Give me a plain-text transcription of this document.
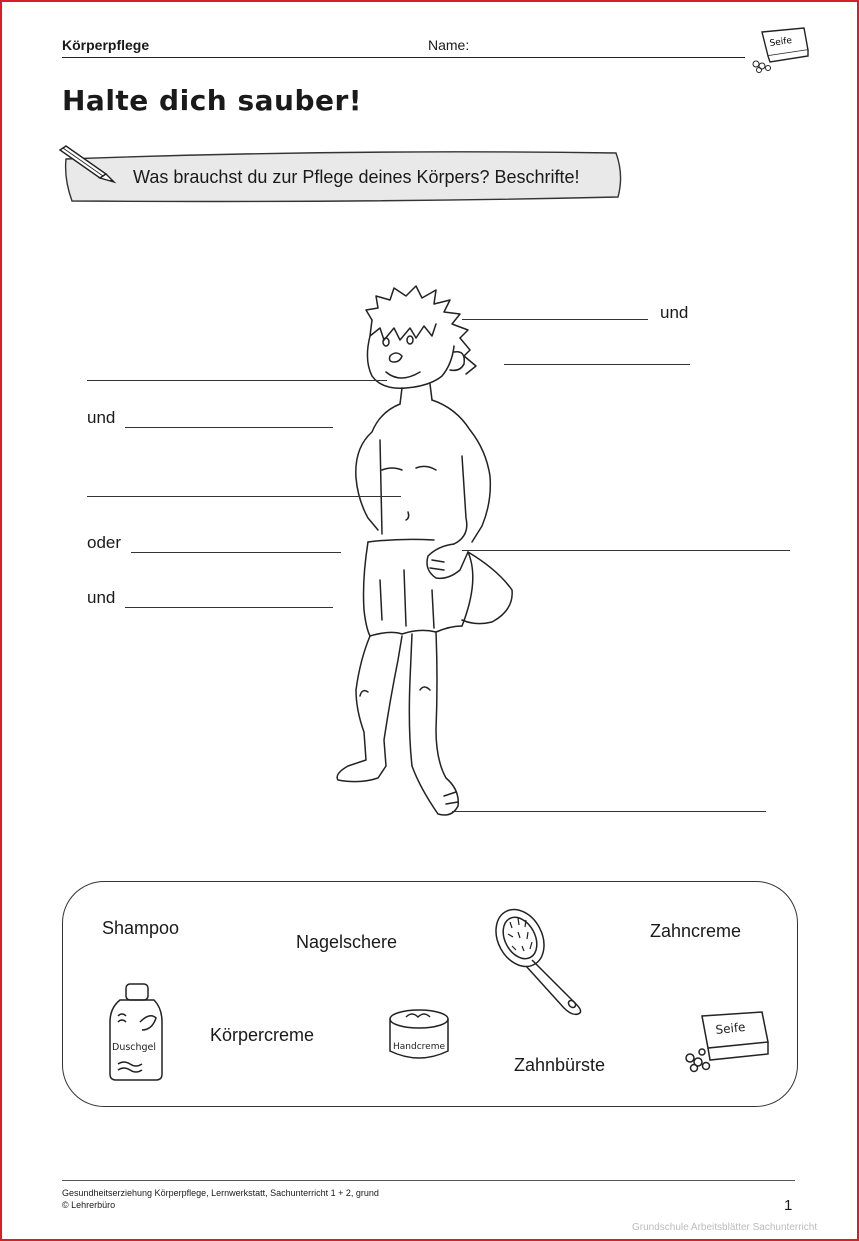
Körperpflege	Name:	Seife
Halte dich sauber!
Was brauchst du zur Pflege deines Körpers? Beschrifte!
und
und
oder
und
Shampoo
Nagelschere
Zahncreme
Körpercreme
Zahnbürste
Duschgel	Handcreme
Seife
Gesundheitserziehung Körperpflege, Lernwerkstatt, Sachunterricht 1 + 2, grund
© Lehrerbüro	1
Grundschule Arbeitsblätter Sachunterricht
